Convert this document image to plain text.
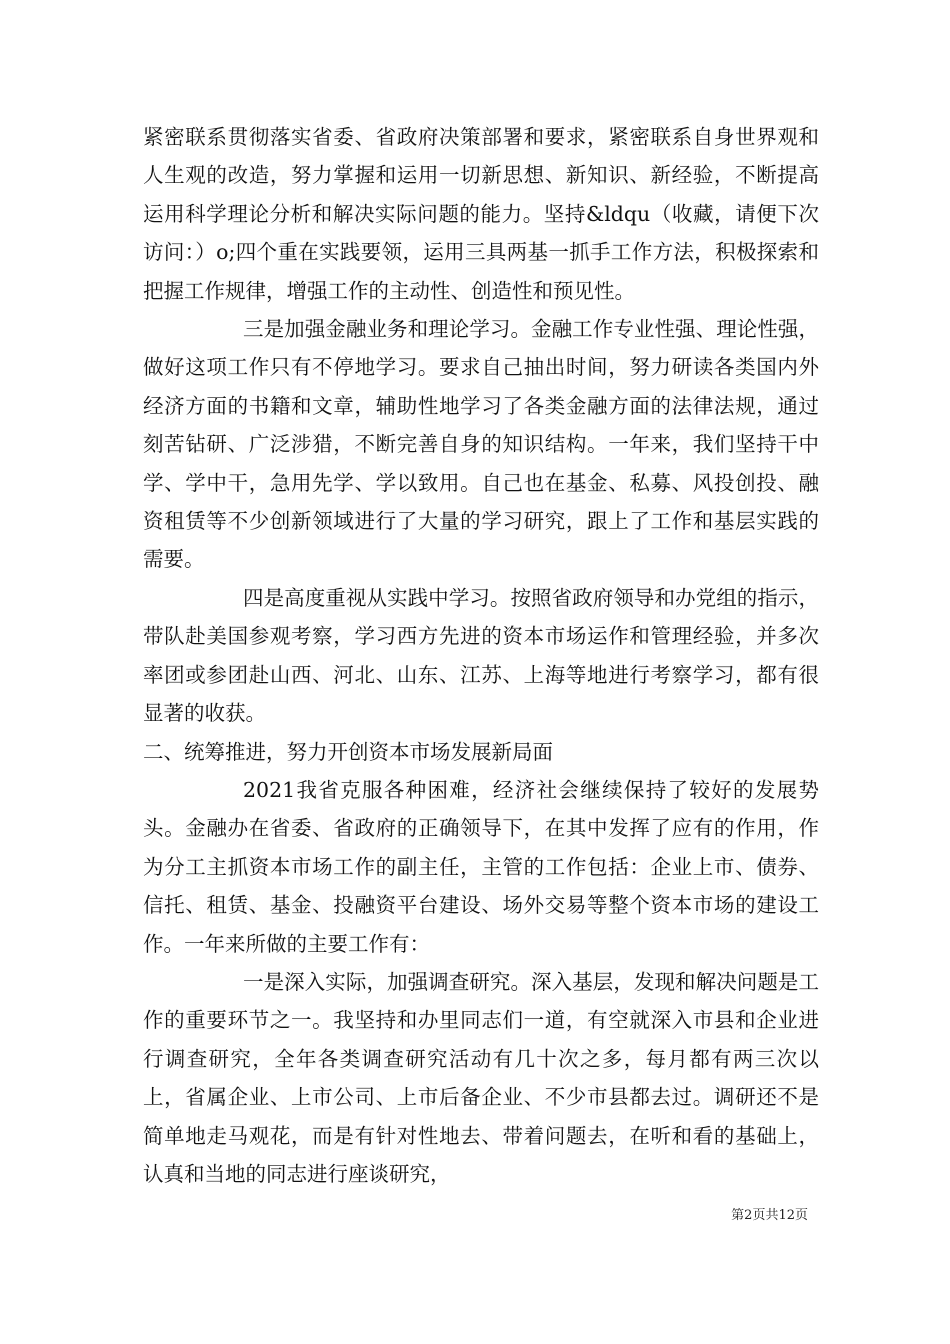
紧密联系贯彻落实省委、省政府决策部署和要求，紧密联系自身世界观和人生观的改造，努力掌握和运用一切新思想、新知识、新经验，不断提高运用科学理论分析和解决实际问题的能力。坚持&ldqu（收藏，请便下次访问：）o;四个重在实践要领，运用三具两基一抓手工作方法，积极探索和把握工作规律，增强工作的主动性、创造性和预见性。

三是加强金融业务和理论学习。金融工作专业性强、理论性强，做好这项工作只有不停地学习。要求自己抽出时间，努力研读各类国内外经济方面的书籍和文章，辅助性地学习了各类金融方面的法律法规，通过刻苦钻研、广泛涉猎，不断完善自身的知识结构。一年来，我们坚持干中学、学中干，急用先学、学以致用。自己也在基金、私募、风投创投、融资租赁等不少创新领域进行了大量的学习研究，跟上了工作和基层实践的需要。

四是高度重视从实践中学习。按照省政府领导和办党组的指示，带队赴美国参观考察，学习西方先进的资本市场运作和管理经验，并多次率团或参团赴山西、河北、山东、江苏、上海等地进行考察学习，都有很显著的收获。

二、统筹推进，努力开创资本市场发展新局面

2021我省克服各种困难，经济社会继续保持了较好的发展势头。金融办在省委、省政府的正确领导下，在其中发挥了应有的作用，作为分工主抓资本市场工作的副主任，主管的工作包括：企业上市、债券、信托、租赁、基金、投融资平台建设、场外交易等整个资本市场的建设工作。一年来所做的主要工作有：

一是深入实际，加强调查研究。深入基层，发现和解决问题是工作的重要环节之一。我坚持和办里同志们一道，有空就深入市县和企业进行调查研究，全年各类调查研究活动有几十次之多，每月都有两三次以上，省属企业、上市公司、上市后备企业、不少市县都去过。调研还不是简单地走马观花，而是有针对性地去、带着问题去，在听和看的基础上，认真和当地的同志进行座谈研究，

第2页共12页
